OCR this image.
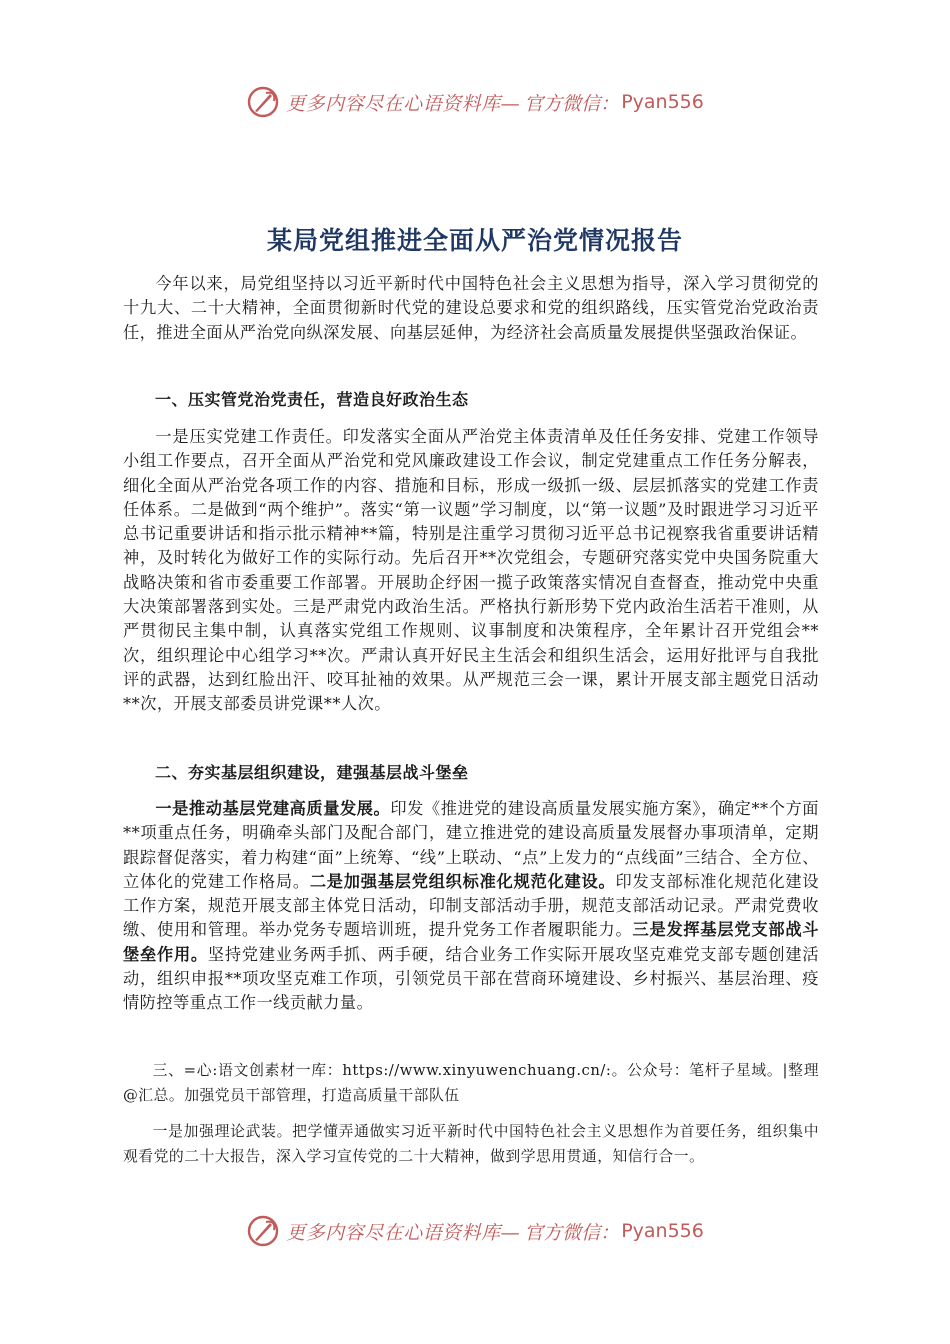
更多内容尽在心语资料库— 官方微信： Pyan556
某局党组推进全面从严治党情况报告

今年以来，局党组坚持以习近平新时代中国特色社会主义思想为指导，深入学习贯彻党的十九大、二十大精神，全面贯彻新时代党的建设总要求和党的组织路线，压实管党治党政治责任，推进全面从严治党向纵深发展、向基层延伸，为经济社会高质量发展提供坚强政治保证。

一、压实管党治党责任，营造良好政治生态

一是压实党建工作责任。印发落实全面从严治党主体责清单及任任务安排、党建工作领导小组工作要点，召开全面从严治党和党风廉政建设工作会议，制定党建重点工作任务分解表，细化全面从严治党各项工作的内容、措施和目标，形成一级抓一级、层层抓落实的党建工作责任体系。二是做到“两个维护”。落实“第一议题”学习制度，以“第一议题”及时跟进学习习近平总书记重要讲话和指示批示精神**篇，特别是注重学习贯彻习近平总书记视察我省重要讲话精神，及时转化为做好工作的实际行动。先后召开**次党组会，专题研究落实党中央国务院重大战略决策和省市委重要工作部署。开展助企纾困一揽子政策落实情况自查督查，推动党中央重大决策部署落到实处。三是严肃党内政治生活。严格执行新形势下党内政治生活若干准则，从严贯彻民主集中制，认真落实党组工作规则、议事制度和决策程序，全年累计召开党组会**次，组织理论中心组学习**次。严肃认真开好民主生活会和组织生活会，运用好批评与自我批评的武器，达到红脸出汗、咬耳扯袖的效果。从严规范三会一课，累计开展支部主题党日活动**次，开展支部委员讲党课**人次。

二、夯实基层组织建设，建强基层战斗堡垒

一是推动基层党建高质量发展。印发《推进党的建设高质量发展实施方案》，确定**个方面**项重点任务，明确牵头部门及配合部门，建立推进党的建设高质量发展督办事项清单，定期跟踪督促落实，着力构建“面”上统筹、“线”上联动、“点”上发力的“点线面”三结合、全方位、立体化的党建工作格局。二是加强基层党组织标准化规范化建设。印发支部标准化规范化建设工作方案，规范开展支部主体党日活动，印制支部活动手册，规范支部活动记录。严肃党费收缴、使用和管理。举办党务专题培训班，提升党务工作者履职能力。三是发挥基层党支部战斗堡垒作用。坚持党建业务两手抓、两手硬，结合业务工作实际开展攻坚克难党支部专题创建活动，组织申报**项攻坚克难工作项，引领党员干部在营商环境建设、乡村振兴、基层治理、疫情防控等重点工作一线贡献力量。

三、=心:语文创素材一库：https://www.xinyuwenchuang.cn/:。公众号：笔杆子星域。|整理@汇总。加强党员干部管理，打造高质量干部队伍

一是加强理论武装。把学懂弄通做实习近平新时代中国特色社会主义思想作为首要任务，组织集中观看党的二十大报告，深入学习宣传党的二十大精神，做到学思用贯通，知信行合一。

更多内容尽在心语资料库— 官方微信： Pyan556
